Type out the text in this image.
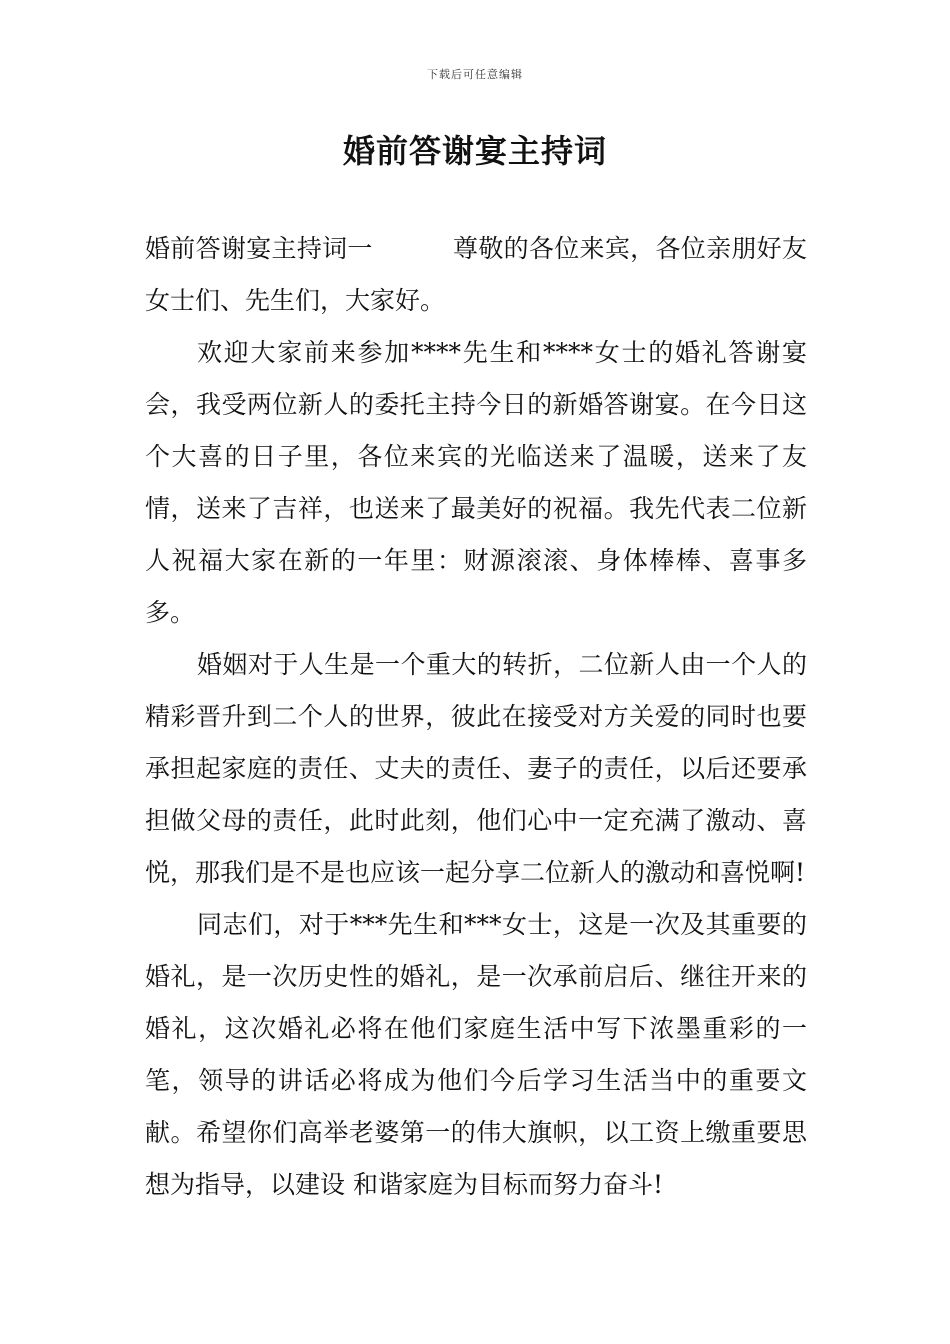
下载后可任意编辑
婚前答谢宴主持词

婚前答谢宴主持词一	尊敬的各位来宾，各位亲朋好友女士们、先生们，大家好。

欢迎大家前来参加****先生和****女士的婚礼答谢宴会，我受两位新人的委托主持今日的新婚答谢宴。在今日这个大喜的日子里，各位来宾的光临送来了温暖，送来了友情，送来了吉祥，也送来了最美好的祝福。我先代表二位新人祝福大家在新的一年里：财源滚滚、身体棒棒、喜事多多。

婚姻对于人生是一个重大的转折，二位新人由一个人的精彩晋升到二个人的世界，彼此在接受对方关爱的同时也要承担起家庭的责任、丈夫的责任、妻子的责任，以后还要承担做父母的责任，此时此刻，他们心中一定充满了激动、喜悦，那我们是不是也应该一起分享二位新人的激动和喜悦啊!

同志们，对于***先生和***女士，这是一次及其重要的婚礼，是一次历史性的婚礼，是一次承前启后、继往开来的婚礼，这次婚礼必将在他们家庭生活中写下浓墨重彩的一笔，领导的讲话必将成为他们今后学习生活当中的重要文献。希望你们高举老婆第一的伟大旗帜，以工资上缴重要思想为指导，以建设 和谐家庭为目标而努力奋斗!
